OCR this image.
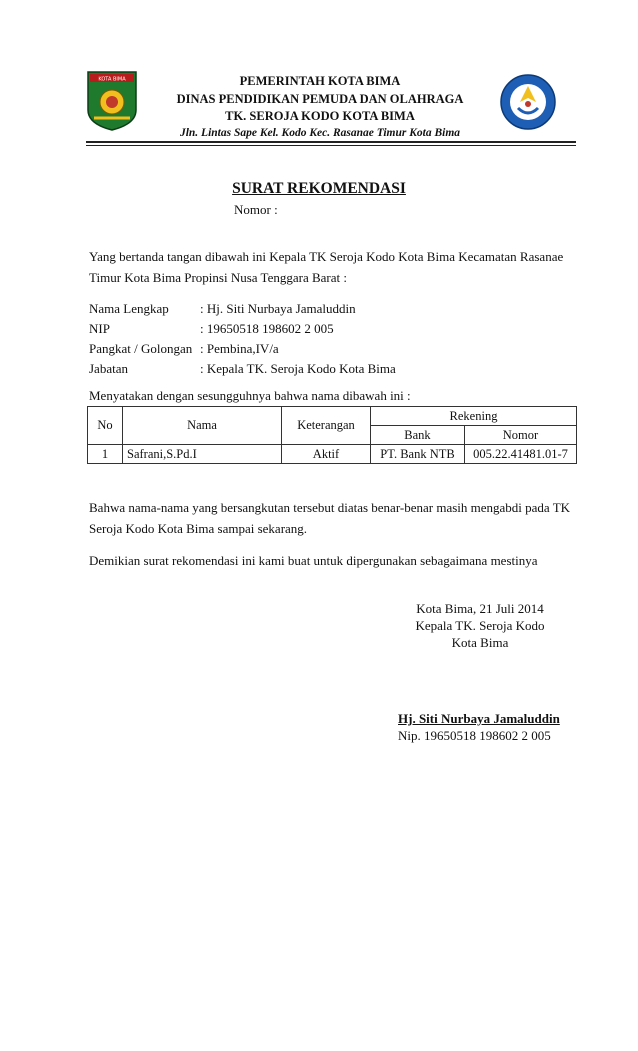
KOTA BIMA	PEMERINTAH KOTA BIMA
DINAS PENDIDIKAN PEMUDA DAN OLAHRAGA
TK. SEROJA KODO KOTA BIMA
Jln. Lintas Sape Kel. Kodo Kec. Rasanae Timur Kota Bima
SURAT REKOMENDASI
Nomor :
Yang bertanda tangan dibawah ini Kepala TK Seroja Kodo Kota Bima Kecamatan Rasanae Timur Kota Bima Propinsi Nusa Tenggara Barat :
Nama Lengkap : Hj. Siti Nurbaya Jamaluddin
NIP	: 19650518 198602 2 005
Pangkat / Golongan : Pembina,IV/a
Jabatan	: Kepala TK. Seroja Kodo Kota Bima
Menyatakan dengan sesungguhnya bahwa nama dibawah ini :
No	Nama	Keterangan	Rekening	
			Bank	Nomor
1	Safrani,S.Pd.I	Aktif	PT. Bank NTB	005.22.41481.01-7
Bahwa nama-nama yang bersangkutan tersebut diatas benar-benar masih mengabdi pada TK Seroja Kodo Kota Bima sampai sekarang.
Demikian surat rekomendasi ini kami buat untuk dipergunakan sebagaimana mestinya
Kota Bima, 21 Juli 2014
Kepala TK. Seroja Kodo
Kota Bima
Hj. Siti Nurbaya Jamaluddin
Nip. 19650518 198602 2 005
